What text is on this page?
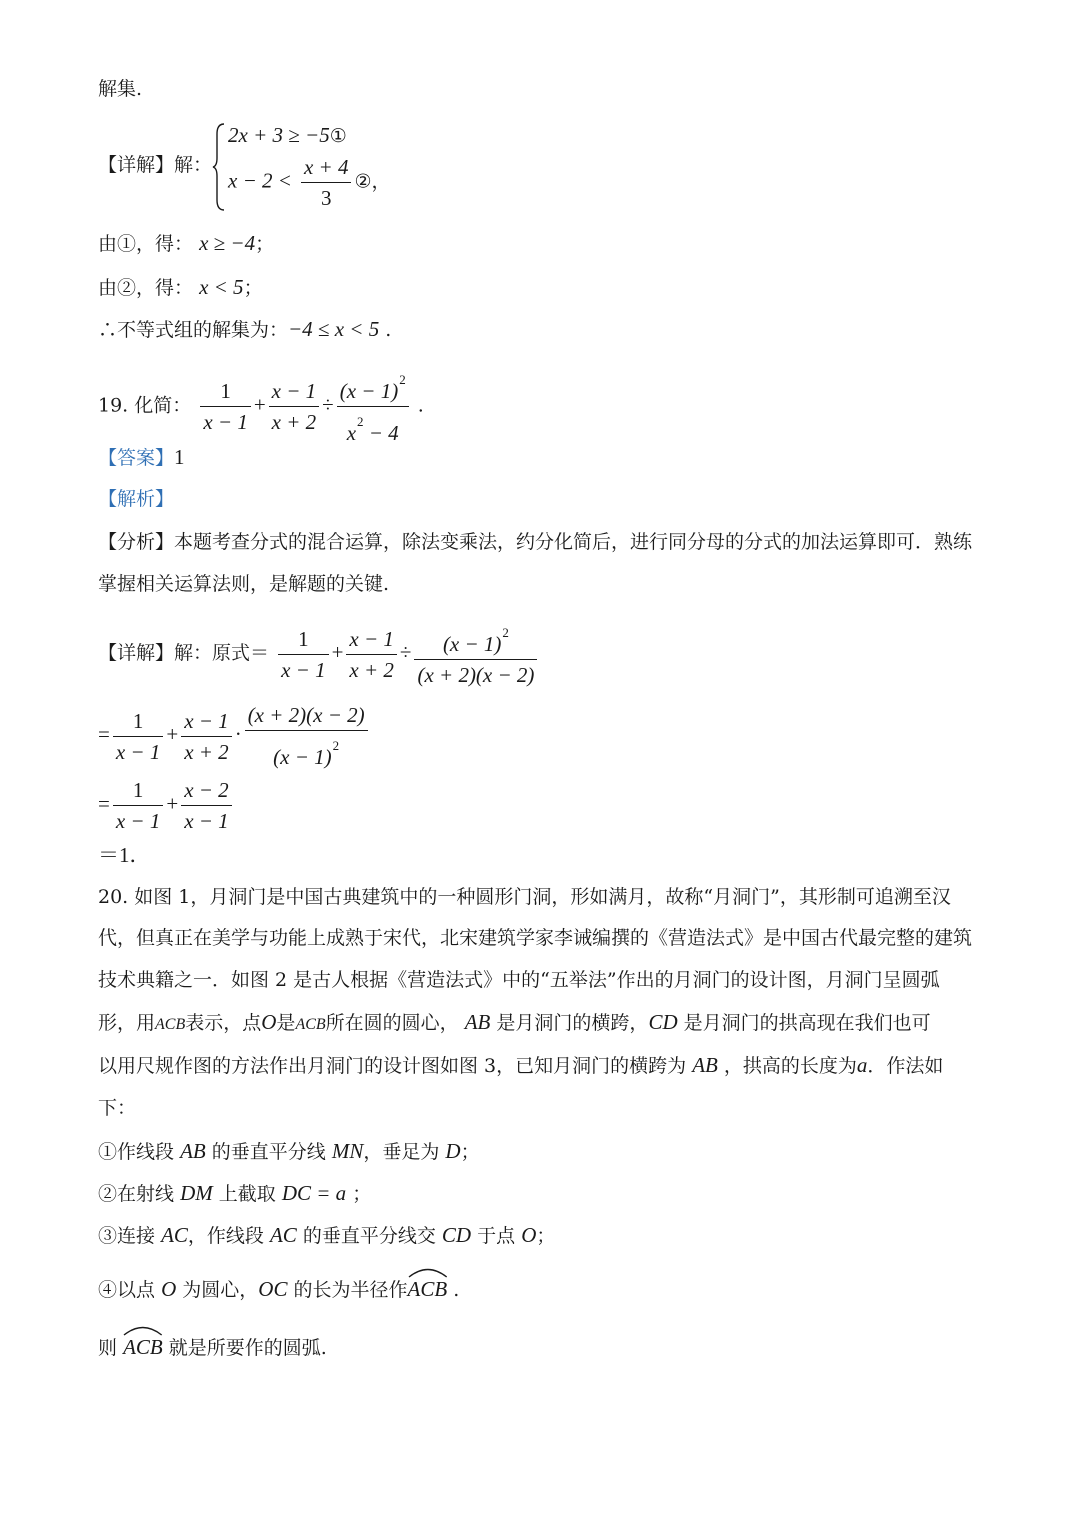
解集.
【详解】解：
2x + 3 ≥ −5①
$x - 2 < \frac{x + 4}{3}$ ②，
由①，得： x ≥ −4；
由②，得： x < 5；
∴不等式组的解集为：−4 ≤ x < 5 .
19. 化简： $\frac{1}{x - 1} + \frac{x - 1}{x + 2} \div \frac{(x - 1)^2}{x^2 - 4}$ .
【答案】1
【解析】
【分析】本题考查分式的混合运算，除法变乘法，约分化简后，进行同分母的分式的加法运算即可．熟练
掌握相关运算法则，是解题的关键.
【详解】解：原式＝ $\frac{1}{x - 1} + \frac{x - 1}{x + 2} \div \frac{(x - 1)^2}{(x + 2)(x - 2)}$
= $\frac{1}{x - 1} + \frac{x - 1}{x + 2} \cdot \frac{(x + 2)(x - 2)}{(x - 1)^2}$
= $\frac{1}{x - 1} + \frac{x - 2}{x - 1}$
＝1．
20. 如图 1，月洞门是中国古典建筑中的一种圆形门洞，形如满月，故称“月洞门”，其形制可追溯至汉
代，但真正在美学与功能上成熟于宋代，北宋建筑学家李诫编撰的《营造法式》是中国古代最完整的建筑
技术典籍之一．如图 2 是古人根据《营造法式》中的“五举法”作出的月洞门的设计图，月洞门呈圆弧
形，用ACB表示，点O是ACB所在圆的圆心， AB 是月洞门的横跨，CD 是月洞门的拱高现在我们也可
以用尺规作图的方法作出月洞门的设计图如图 3，已知月洞门的横跨为 AB ，拱高的长度为a．作法如
下：
①作线段 AB 的垂直平分线 MN，垂足为 D；
②在射线 DM 上截取 DC = a ；
③连接 AC，作线段 AC 的垂直平分线交 CD 于点 O；
④以点 O 为圆心，OC 的长为半径作
ACB .
则 ACB 就是所要作的圆弧.
